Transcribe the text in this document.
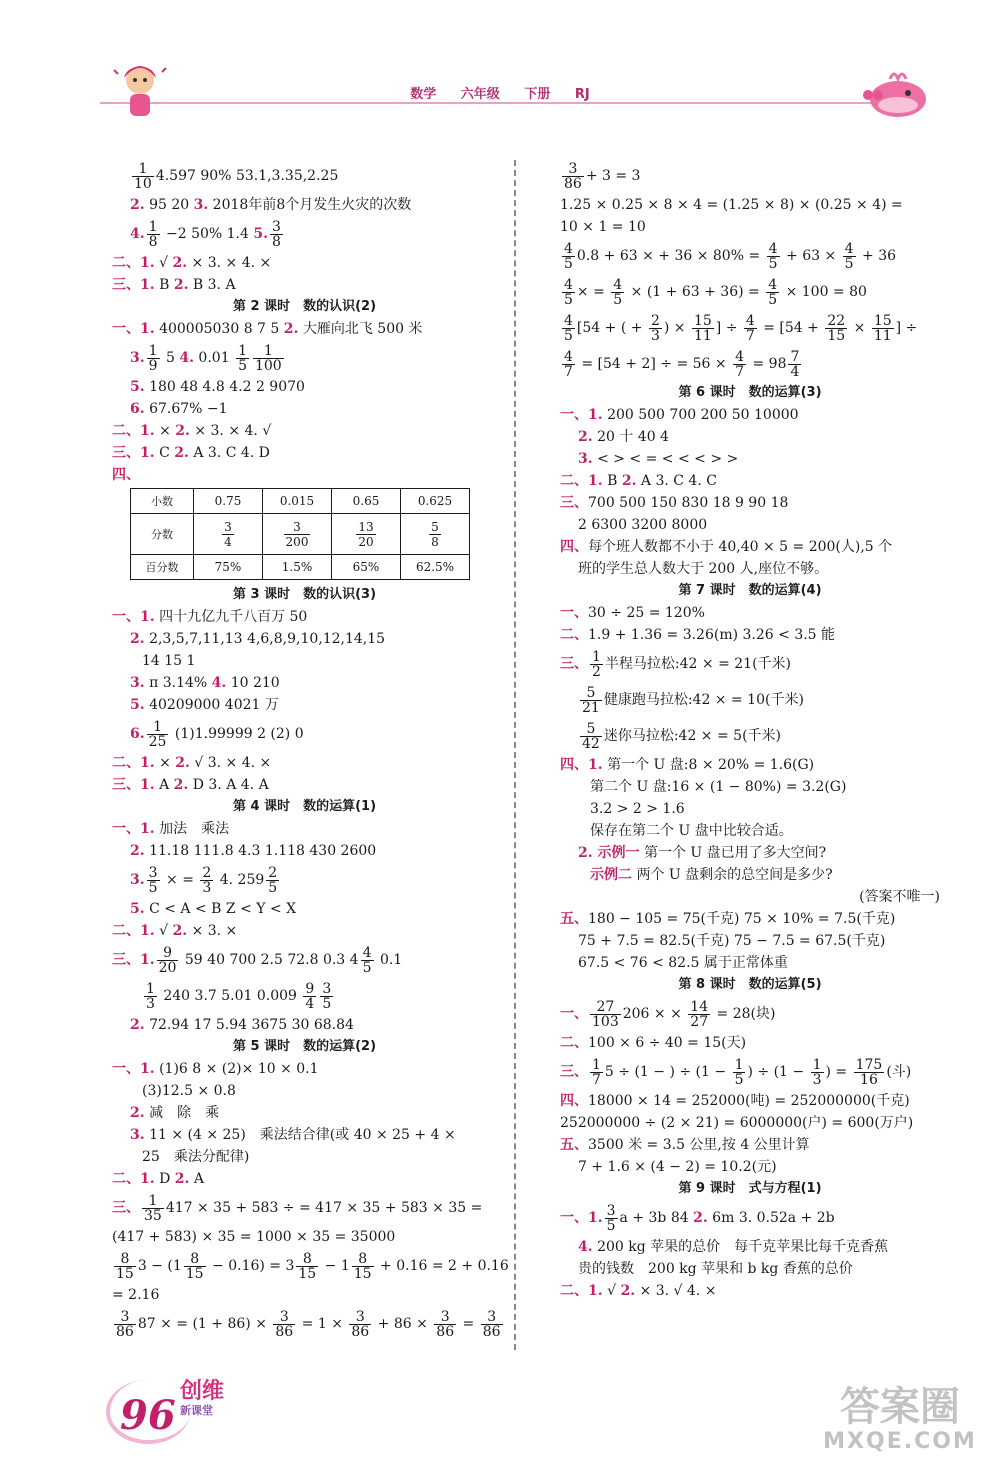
数学 六年级 下册 RJ
$\frac{1}{10} 4.597$ 90% 53.1,3.35,2.25
2. 95 20 3. 2018年前8个月发生火灾的次数
4. $\frac{1}{8} -2$ 50% 1.4 5. $\frac{3}{8}$
二、1. √ 2. × 3. × 4. ×
三、1. B 2. B 3. A
第 2 课时　数的认识(2)
一、1. 400005030 8 7 5 2. 大雁向北飞 500 米
3. $\frac{1}{9} 5$ 4. $0.01 \frac{1}{5} \frac{1}{100}$
5. 180 48 4.8 4.2 2 9070
6. 67.67% −1
二、1. × 2. × 3. × 4. √
三、1. C 2. A 3. C 4. D
四、
小数	0.75	0.015	0.65	0.625
分数	$\frac{3}{4}$	$\frac{3}{200}$	$\frac{13}{20}$	$\frac{5}{8}$

百分数	75%	1.5%	65%	62.5%
第 3 课时　数的认识(3)
一、1. 四十九亿九千八百万 50
2. 2,3,5,7,11,13 4,6,8,9,10,12,14,15
14 15 1
3. π 3.14% 4. 10 210
5. 40209000 4021 万
6. $\frac{1}{25} (1)1.99999$ 2 (2) 0
二、1. × 2. √ 3. × 4. ×
三、1. A 2. D 3. A 4. A
第 4 课时　数的运算(1)
一、1. 加法　乘法
2. 11.18 111.8 4.3 1.118 430 2600
3. $\frac{3}{5}$ × = $\frac{2}{3} 4$. $259 \frac{2}{5}$
5. C < A < B Z < Y < X
二、1. √ 2. × 3. ×
三、1. $\frac{9}{20} 59$ 40 700 2.5 72.8 0.3 $4 \frac{4}{5} 0.1$
$\frac{1}{3} 240$ 3.7 5.01 $0.009 \frac{9}{4} \frac{3}{5}$
2. 72.94 17 5.94 3675 30 68.84
第 5 课时　数的运算(2)
一、1. (1)6 8 × (2)× 10 × 0.1
(3)12.5 × 0.8
2. 减　除　乘
3. 11 × (4 × 25)　乘法结合律(或 40 × 25 + 4 ×
25　乘法分配律)
二、1. D 2. A
三、 $\frac{1}{35} 417 \times 35 + 583$ ÷ = 417 × 35 + 583 × 35 =
(417 + 583) × 35 = 1000 × 35 = 35000
$\frac{8}{15} 3 - (1 \frac{8}{15} - 0.16) = 3 \frac{8}{15} - 1 \frac{8}{15} + 0.16 = 2 + 0.16$
= 2.16
$\frac{3}{86} 87$ × = $(1 + 86) \times \frac{3}{86} = 1 \times \frac{3}{86} + 86 \times \frac{3}{86} = \frac{3}{86}$
$\frac{3}{86} + 3 = 3$
1.25 × 0.25 × 8 × 4 = (1.25 × 8) × (0.25 × 4) =
10 × 1 = 10
$\frac{4}{5} 0.8 + 63$ × + $36 \times 80\% = \frac{4}{5} + 63 \times \frac{4}{5} + 36$
$\frac{4}{5}$ × = $\frac{4}{5} \times (1 + 63 + 36) = \frac{4}{5} \times 100 = 80$
$\frac{4}{5} [54$ + ( + $\frac{2}{3}$ ) × $\frac{15}{11}$ ] ÷ $\frac{4}{7} = [54 + \frac{22}{15} \times \frac{15}{11}$ ] ÷
$\frac{4}{7} = [54 + 2]$ ÷ = $56 \times \frac{4}{7} = 98 \frac{7}{4}$
第 6 课时　数的运算(3)
一、1. 200 500 700 200 50 10000
2. 20 十 40 4
3. < > < = < < < > >
二、1. B 2. A 3. C 4. C
三、700 500 150 830 18 9 90 18
2 6300 3200 8000
四、每个班人数都不小于 40,40 × 5 = 200(人),5 个
班的学生总人数大于 200 人,座位不够。
第 7 课时　数的运算(4)
一、30 ÷ 25 = 120%
二、1.9 + 1.36 = 3.26(m) 3.26 < 3.5 能
三、 $\frac{1}{2}$ 半程马拉松:42 × = 21(千米)
$\frac{5}{21}$ 健康跑马拉松:42 × = 10(千米)
$\frac{5}{42}$ 迷你马拉松:42 × = 5(千米)
四、1. 第一个 U 盘:8 × 20% = 1.6(G)
第二个 U 盘:16 × (1 − 80%) = 3.2(G)
3.2 > 2 > 1.6
保存在第二个 U 盘中比较合适。
2. 示例一 第一个 U 盘已用了多大空间?
示例二 两个 U 盘剩余的总空间是多少?
(答案不唯一)
五、180 − 105 = 75(千克) 75 × 10% = 7.5(千克)
75 + 7.5 = 82.5(千克) 75 − 7.5 = 67.5(千克)
67.5 < 76 < 82.5 属于正常体重
第 8 课时　数的运算(5)
一、 $\frac{27}{103} 206$ × × $\frac{14}{27} = 28$(块)
二、100 × 6 ÷ 40 = 15(天)
三、 $\frac{1}{7} 5 \div (1$ − ) ÷ ($1 - \frac{1}{5}$ ) ÷ ($1 - \frac{1}{3}$ ) = $\frac{175}{16}$ (斗)
四、18000 × 14 = 252000(吨) = 252000000(千克)
252000000 ÷ (2 × 21) = 6000000(户) = 600(万户)
五、3500 米 = 3.5 公里,按 4 公里计算
7 + 1.6 × (4 − 2) = 10.2(元)
第 9 课时　式与方程(1)
一、1. $\frac{3}{5}$ a + 3b 84 2. 6m 3. 0.52a + 2b
4. 200 kg 苹果的总价　每千克苹果比每千克香蕉
贵的钱数　200 kg 苹果和 b kg 香蕉的总价
二、1. √ 2. × 3. √ 4. ×
96
创维
新课堂	答案圈
MXQE.COM
